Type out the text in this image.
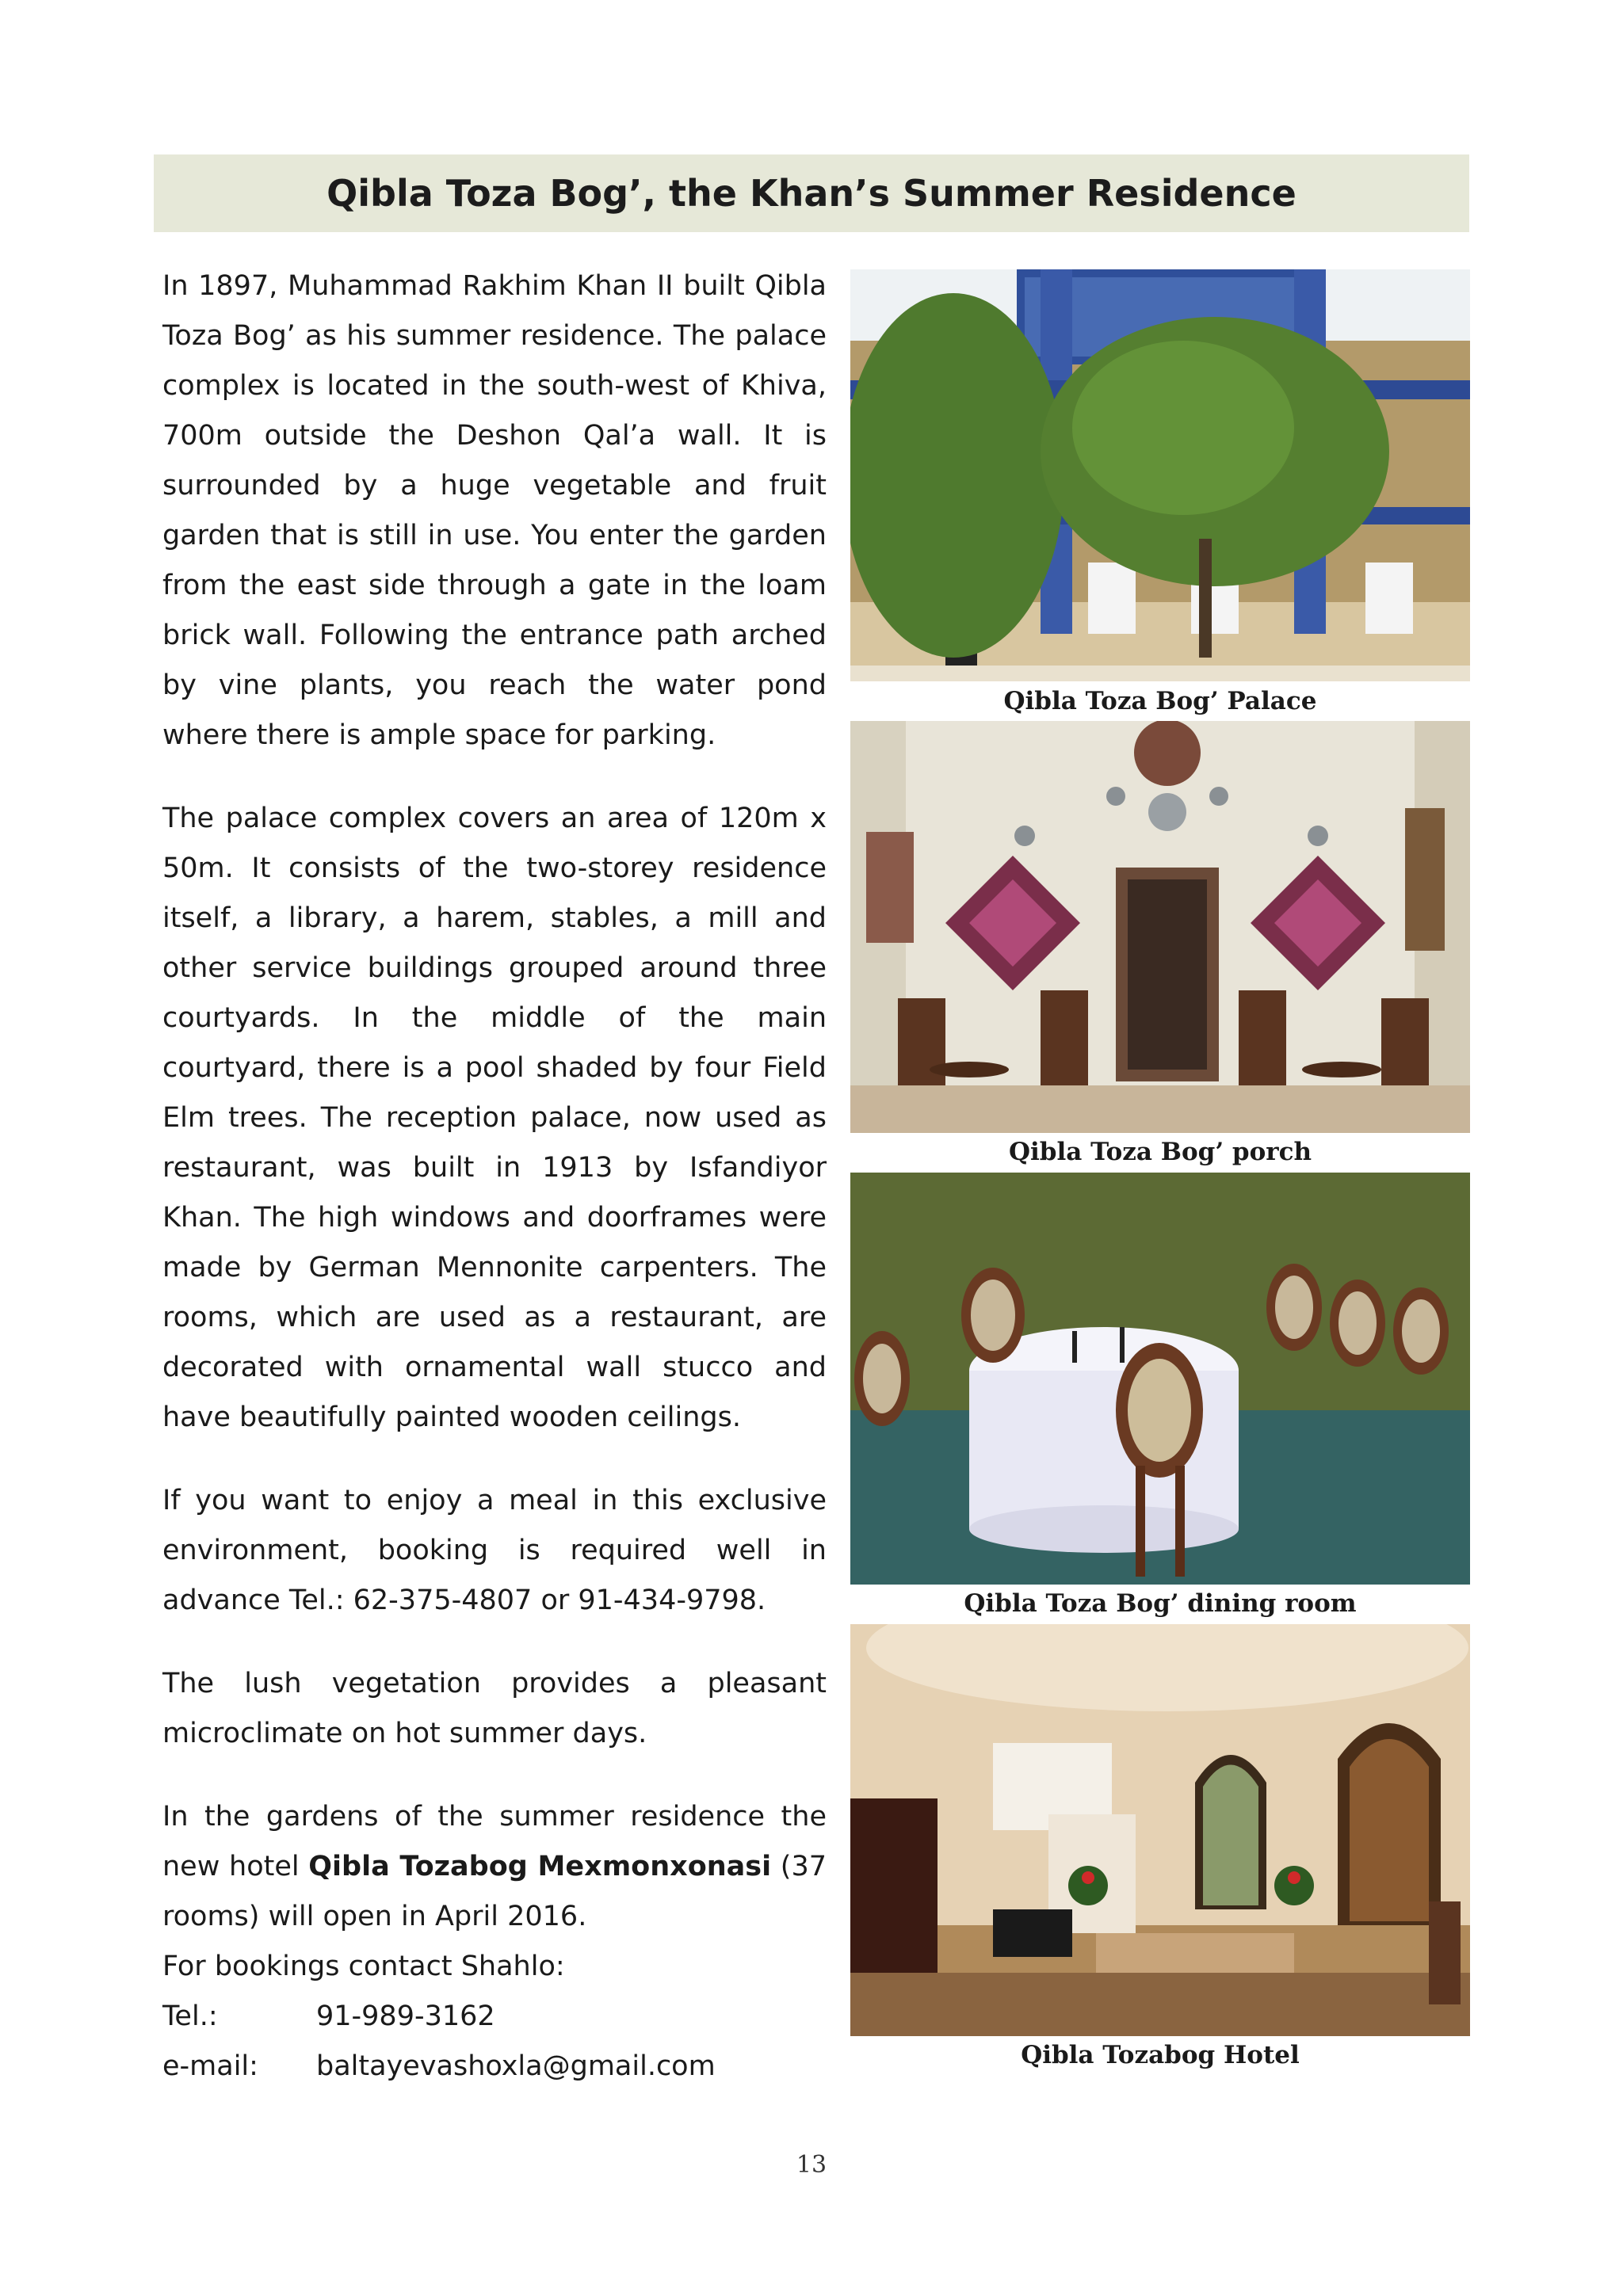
Qibla Toza Bog’, the Khan’s Summer Residence

In 1897, Muhammad Rakhim Khan II built Qibla Toza Bog’ as his summer residence. The palace complex is located in the south-west of Khiva, 700m outside the Deshon Qal’a wall. It is surrounded by a huge vegetable and fruit garden that is still in use. You enter the garden from the east side through a gate in the loam brick wall. Following the entrance path arched by vine plants, you reach the water pond where there is ample space for parking.

The palace complex covers an area of 120m x 50m. It consists of the two-storey residence itself, a library, a harem, stables, a mill and other service buildings grouped around three courtyards. In the middle of the main courtyard, there is a pool shaded by four Field Elm trees. The reception palace, now used as restaurant, was built in 1913 by Isfandiyor Khan. The high windows and doorframes were made by German Mennonite carpenters. The rooms, which are used as a restaurant, are decorated with ornamental wall stucco and have beautifully painted wooden ceilings.

If you want to enjoy a meal in this exclusive environment, booking is required well in advance Tel.: 62-375-4807 or 91-434-9798.

The lush vegetation provides a pleasant microclimate on hot summer days.

In the gardens of the summer residence the new hotel Qibla Tozabog Mexmonxonasi (37 rooms) will open in April 2016.

For bookings contact Shahlo:
Tel.:	91-989-3162
e-mail:	baltayevashoxla@gmail.com
Qibla Toza Bog’ Palace
Qibla Toza Bog’ porch
Qibla Toza Bog’ dining room
Qibla Tozabog Hotel
13
